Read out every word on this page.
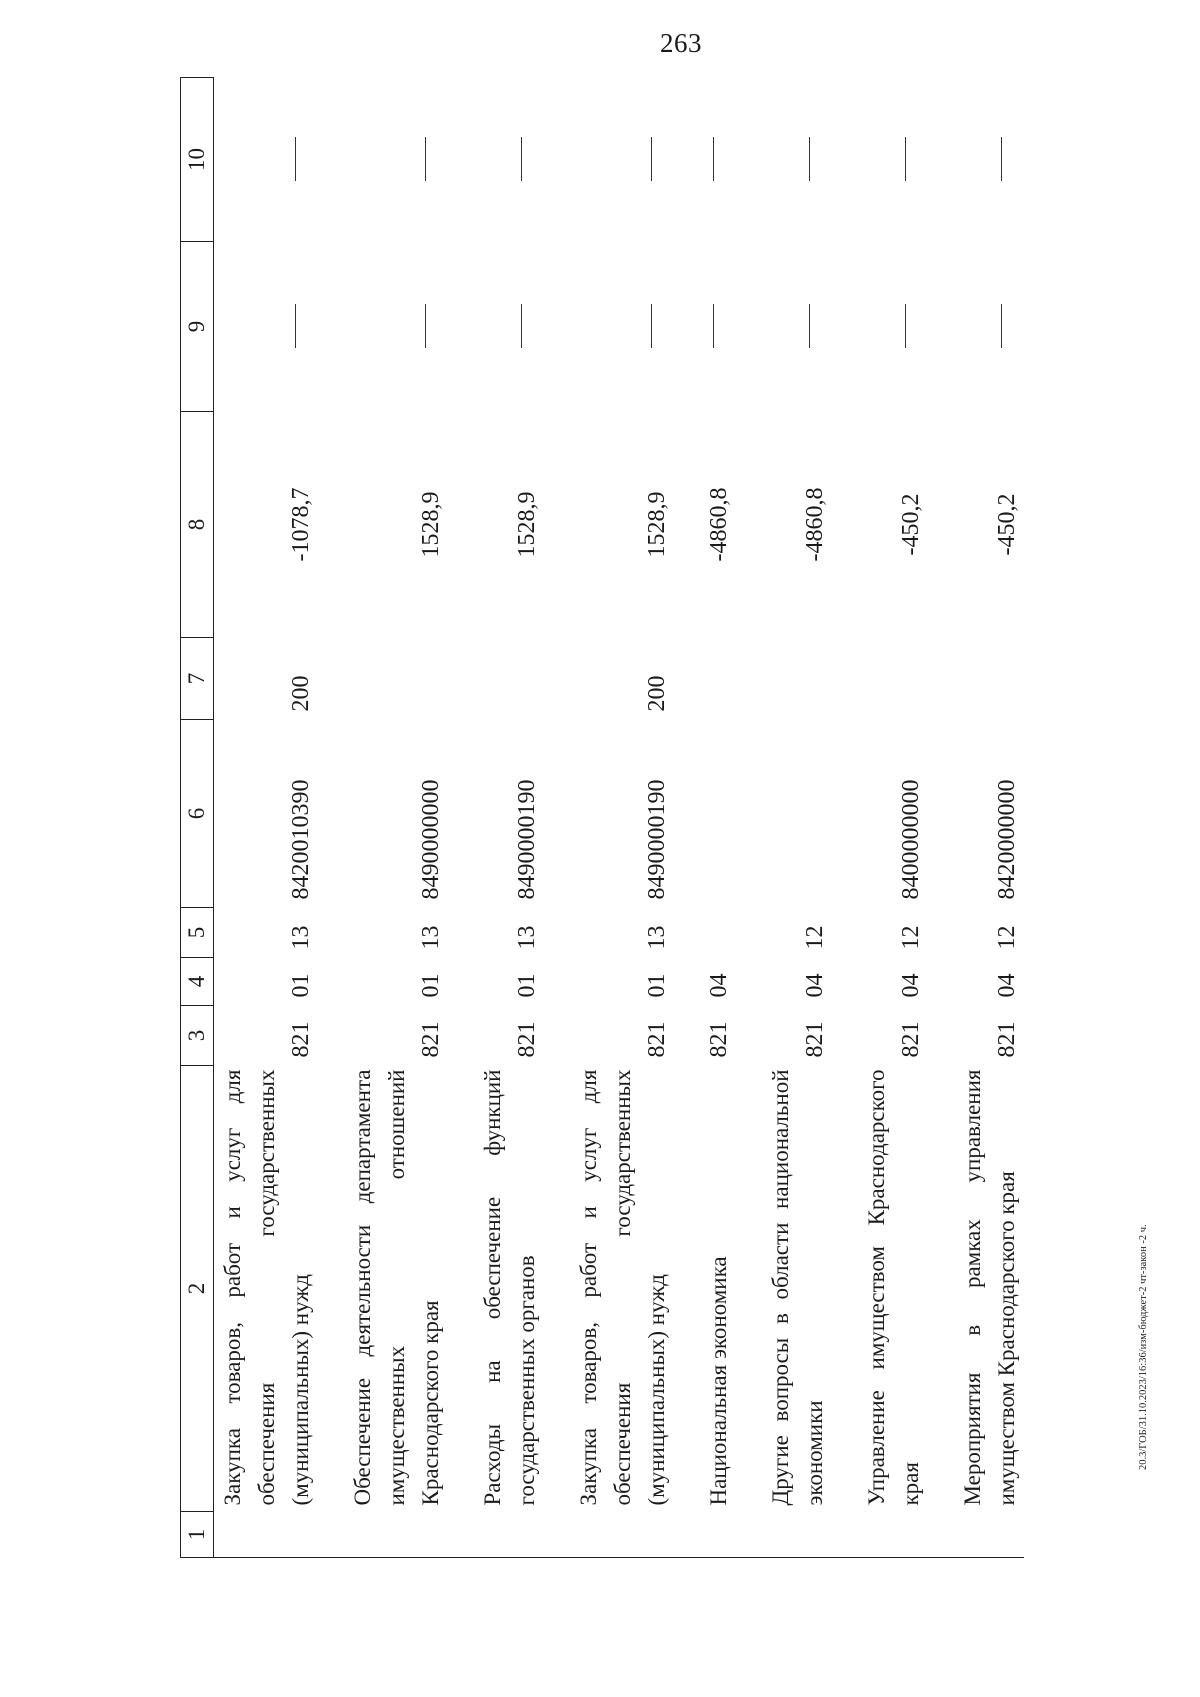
263
1	2	3	4	5	6	7	8	9	10
	Закупка товаров, работ и услуг для обеспечения государственных (муниципальных) нужд	821	01	13	8420010390	200	-1078,7		

	Обеспечение деятельности департамента имущественных отношений Краснодарского края	821	01	13	8490000000		1528,9		

	Расходы на обеспечение функций государственных органов	821	01	13	8490000190		1528,9		

	Закупка товаров, работ и услуг для обеспечения государственных (муниципальных) нужд	821	01	13	8490000190	200	1528,9		

	Национальная экономика	821	04				-4860,8		

	Другие вопросы в области национальной экономики	821	04	12			-4860,8		

	Управление имуществом Краснодарского края	821	04	12	8400000000		-450,2		

	Мероприятия в рамках управления имуществом Краснодарского края	821	04	12	8420000000		-450,2		
20.3/ГОБ/31.10.2023/16:36/изм-бюджет-2 чт-закон -2 ч.
